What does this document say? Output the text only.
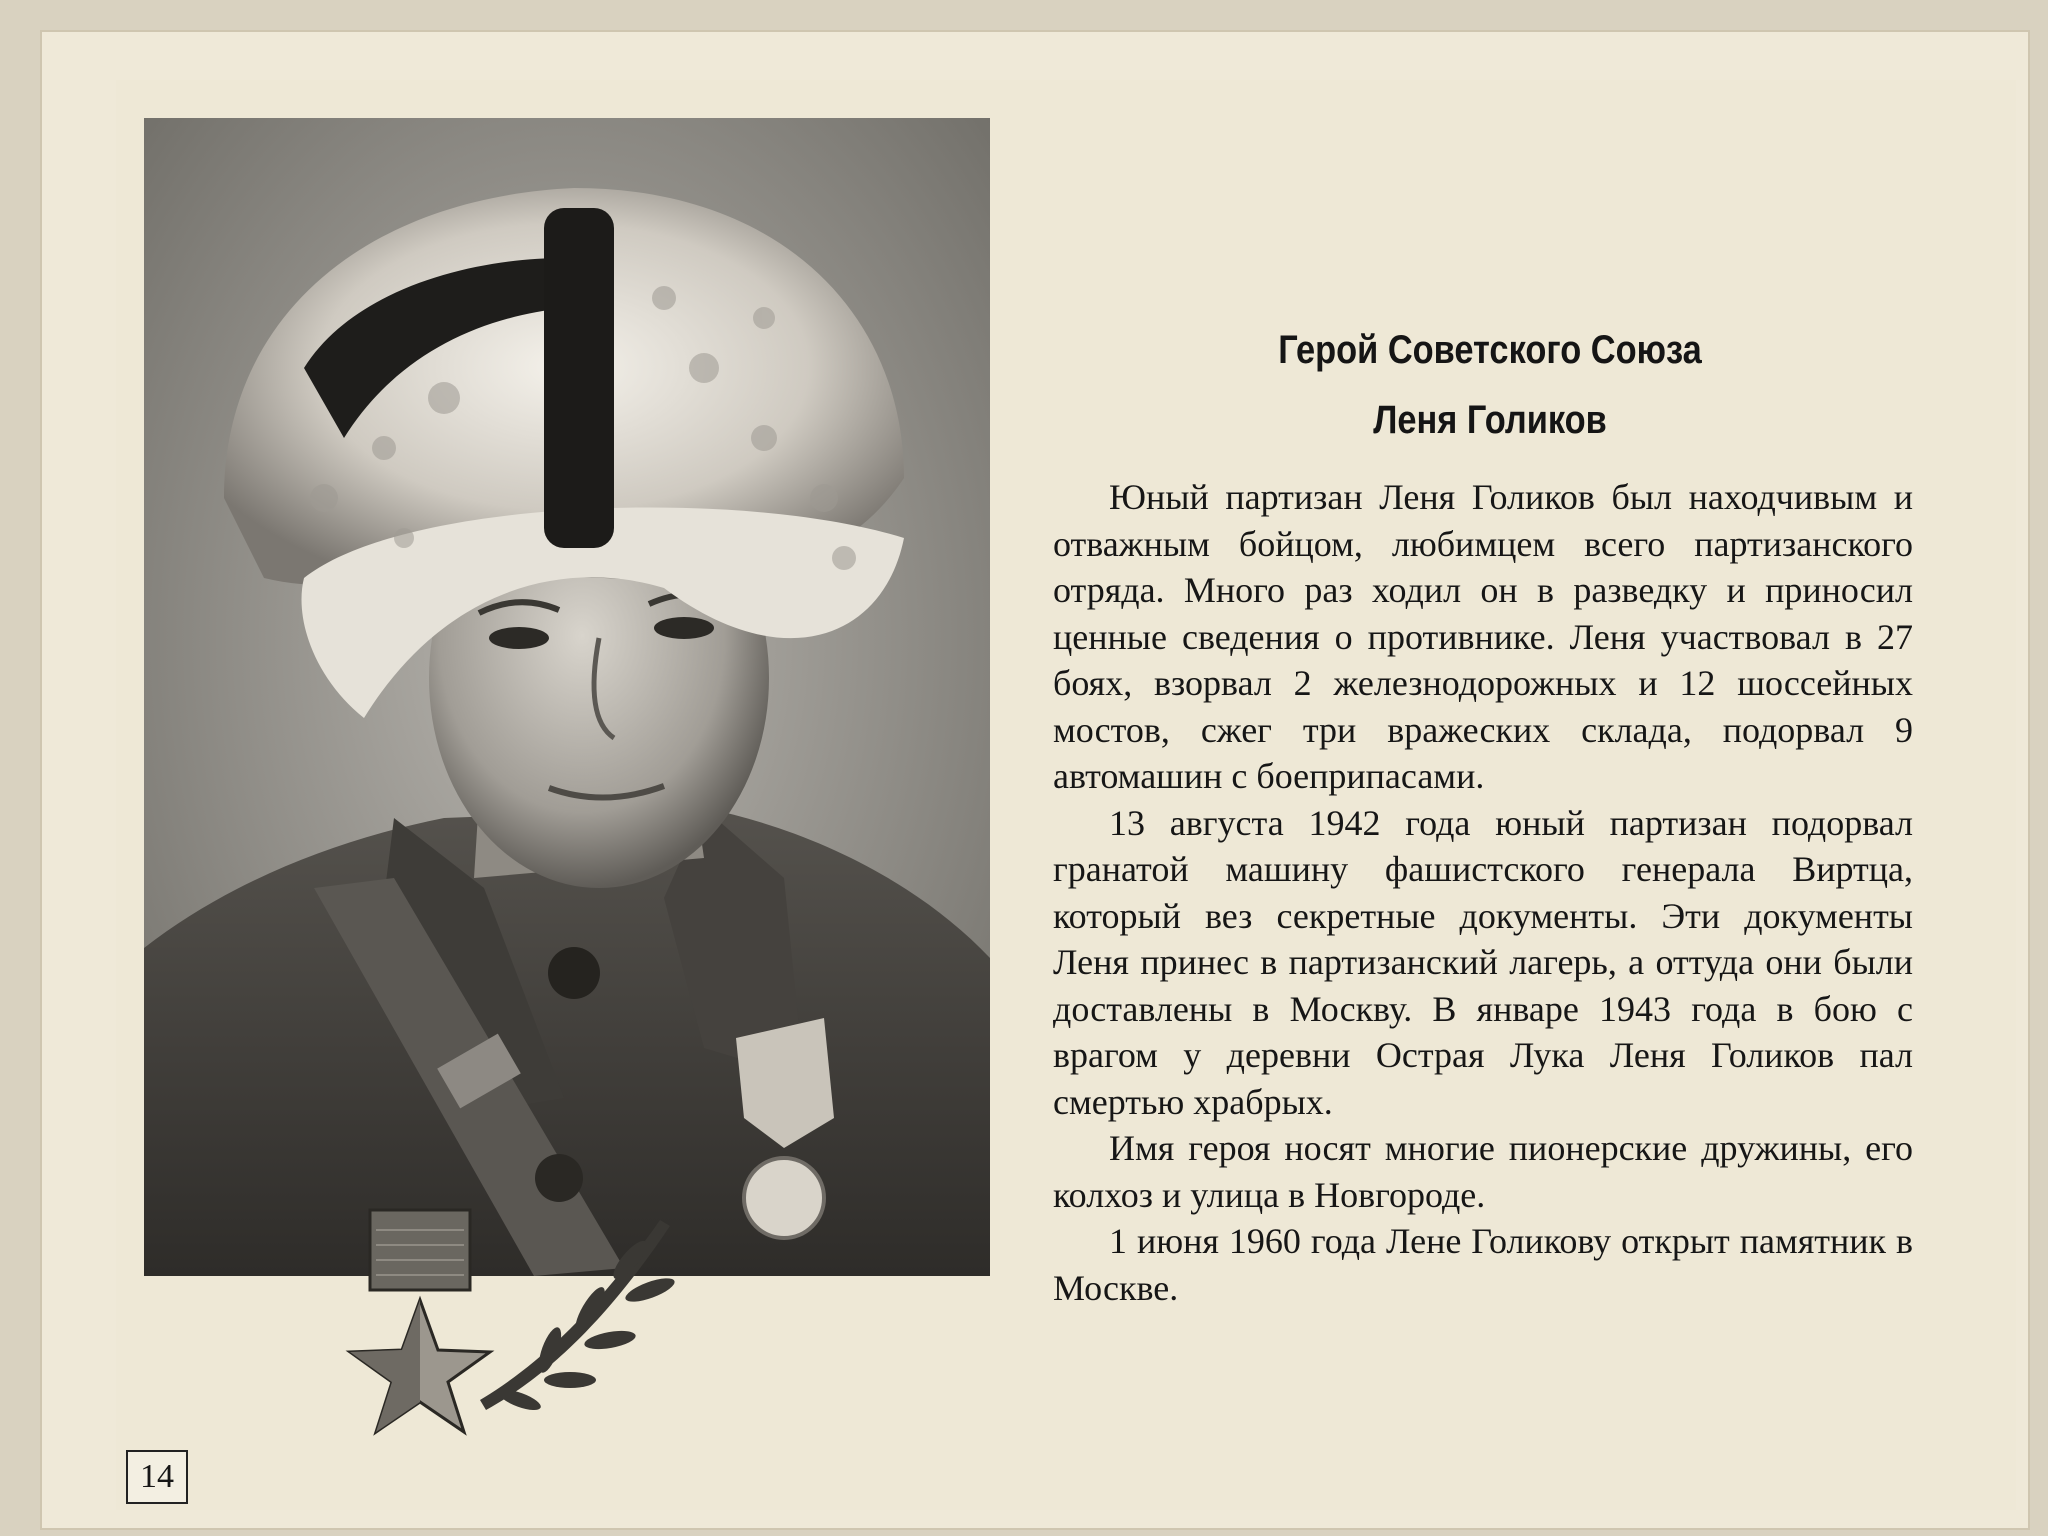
Герой Советского Союза
Леня Голиков

Юный партизан Леня Голиков был находчивым и отважным бойцом, любимцем всего партизанского отряда. Много раз ходил он в разведку и приносил ценные сведения о противнике. Леня участвовал в 27 боях, взорвал 2 железнодорожных и 12 шоссейных мостов, сжег три вражеских склада, подорвал 9 автомашин с боеприпасами.

13 августа 1942 года юный партизан подорвал гранатой машину фашистского генерала Виртца, который вез секретные документы. Эти документы Леня принес в партизанский лагерь, а оттуда они были доставлены в Москву. В январе 1943 года в бою с врагом у деревни Острая Лука Леня Голиков пал смертью храбрых.

Имя героя носят многие пионерские дружины, его колхоз и улица в Новгороде.

1 июня 1960 года Лене Голикову открыт памятник в Москве.

14
